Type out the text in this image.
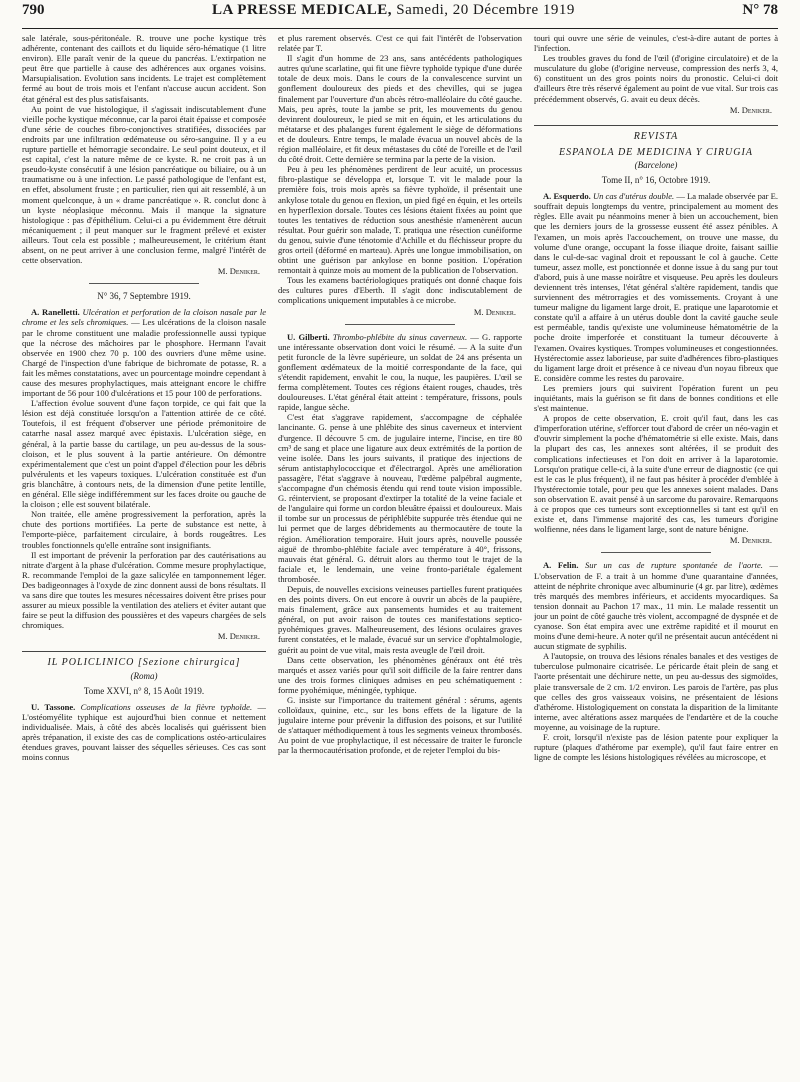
790	LA PRESSE MEDICALE, Samedi, 20 Décembre 1919	N° 78

sale latérale, sous-péritonéale. R. trouve une poche kystique très adhérente, contenant des caillots et du liquide séro-hématique (1 litre environ). Elle paraît venir de la queue du pancréas. L'extirpation ne peut être que partielle à cause des adhérences aux organes voisins. Marsupialisation. Evolution sans incidents. Le trajet est complètement fermé au bout de trois mois et l'enfant n'accuse aucun accident. Son état général est des plus satisfaisants.

Au point de vue histologique, il s'agissait indiscutablement d'une vieille poche kystique méconnue, car la paroi était épaisse et composée d'une série de couches fibro-conjonctives stratifiées, dissociées par endroits par une infiltration œdémateuse ou séro-sanguine. Il y a eu rupture partielle et hémorragie secondaire. Le seul point douteux, et il est capital, c'est la nature même de ce kyste. R. ne croit pas à un pseudo-kyste consécutif à une lésion pancréatique ou biliaire, ou à un traumatisme ou à une infection. Le passé pathologique de l'enfant est, en effet, absolument fruste ; en particulier, rien qui ait ressemblé, à un moment quelconque, à un « drame pancréatique ». R. conclut donc à un kyste néoplasique méconnu. Mais il manque la signature histologique : pas d'épithélium. Celui-ci a pu évidemment être détruit mécaniquement ; il peut manquer sur le fragment prélevé et exister ailleurs. Tout cela est possible ; malheureusement, le critérium étant absent, on ne peut arriver à une conclusion ferme, malgré l'intérêt de cette observation.

M. Deniker.
N° 36, 7 Septembre 1919.

A. Ranelletti. Ulcération et perforation de la cloison nasale par le chrome et les sels chromiques. — Les ulcérations de la cloison nasale par le chrome constituent une maladie professionnelle aussi typique que la nécrose des mâchoires par le phosphore. Hermann l'avait observée en 1900 chez 70 p. 100 des ouvriers d'une même usine. Chargé de l'inspection d'une fabrique de bichromate de potasse, R. a fait les mêmes constatations, avec un pourcentage moindre cependant à cause des mesures prophylactiques, mais atteignant encore le chiffre important de 56 pour 100 d'ulcérations et 15 pour 100 de perforations.

L'affection évolue souvent d'une façon torpide, ce qui fait que la lésion est déjà constituée lorsqu'on a l'attention attirée de ce côté. Toutefois, il est fréquent d'observer une période prémonitoire de catarrhe nasal assez marqué avec épistaxis. L'ulcération siège, en général, à la partie basse du cartilage, un peu au-dessus de la sous-cloison, et le plus souvent à la partie antérieure. On démontre expérimentalement que c'est un point d'appel d'élection pour les débris pulvérulents et les vapeurs toxiques. L'ulcération constituée est d'un gris blanchâtre, à contours nets, de la dimension d'une petite lentille, en général. Elle siège indifféremment sur les faces droite ou gauche de la cloison ; elle est souvent bilatérale.

Non traitée, elle amène progressivement la perforation, après la chute des portions mortifiées. La perte de substance est nette, à l'emporte-pièce, parfaitement circulaire, à bords rougeâtres. Les troubles fonctionnels qu'elle entraîne sont insignifiants.

Il est important de prévenir la perforation par des cautérisations au nitrate d'argent à la phase d'ulcération. Comme mesure prophylactique, R. recommande l'emploi de la gaze salicylée en tamponnement léger. Des badigeonnages à l'oxyde de zinc donnent aussi de bons résultats. Il va sans dire que toutes les mesures nécessaires doivent être prises pour assurer au mieux possible la ventilation des ateliers et éviter autant que faire se peut la diffusion des poussières et des vapeurs chargées de sels chromiques.

M. Deniker.
IL POLICLINICO [Sezione chirurgica]
(Roma)
Tome XXVI, n° 8, 15 Août 1919.

U. Tassone. Complications osseuses de la fièvre typhoïde. — L'ostéomyélite typhique est aujourd'hui bien connue et nettement individualisée. Mais, à côté des abcès localisés qui guérissent bien après trépanation, il existe des cas de complications ostéo-articulaires étendues graves, pouvant laisser des séquelles sérieuses. Ces cas sont moins connus

et plus rarement observés. C'est ce qui fait l'intérêt de l'observation relatée par T.

Il s'agit d'un homme de 23 ans, sans antécédents pathologiques autres qu'une scarlatine, qui fit une fièvre typhoïde typique d'une durée totale de deux mois. Dans le cours de la convalescence survint un gonflement douloureux des pieds et des chevilles, qui se jugea finalement par l'ouverture d'un abcès rétro-malléolaire du côté gauche. Mais, peu après, toute la jambe se prit, les mouvements du genou devinrent douloureux, le pied se mit en équin, et les articulations du métatarse et des phalanges furent également le siège de déformations et de douleurs. Entre temps, le malade évacua un nouvel abcès de la région malléolaire, et fit deux métastases du côté de l'oreille et de l'œil du côté droit. Cette dernière se termina par la perte de la vision.

Peu à peu les phénomènes perdirent de leur acuité, un processus fibro-plastique se développa et, lorsque T. vit le malade pour la première fois, trois mois après sa fièvre typhoïde, il présentait une ankylose totale du genou en flexion, un pied figé en équin, et les orteils en hyperflexion dorsale. Toutes ces lésions étaient fixées au point que toutes les tentatives de réduction sous anesthésie n'amenèrent aucun résultat. Pour guérir son malade, T. pratiqua une résection cunéiforme du genou, suivie d'une ténotomie d'Achille et du fléchisseur propre du gros orteil (déformé en marteau). Après une longue immobilisation, on obtint une guérison par ankylose en bonne position. L'opération remontait à quinze mois au moment de la publication de l'observation.

Tous les examens bactériologiques pratiqués ont donné chaque fois des cultures pures d'Eberth. Il s'agit donc indiscutablement de complications uniquement imputables à ce microbe.

M. Deniker.

U. Gilberti. Thrombo-phlébite du sinus caverneux. — G. rapporte une intéressante observation dont voici le résumé. — A la suite d'un petit furoncle de la lèvre supérieure, un soldat de 24 ans présenta un gonflement œdémateux de la moitié correspondante de la face, qui s'étendit rapidement, envahit le cou, la nuque, les paupières. L'œil se ferma complètement. Toutes ces régions étaient rouges, chaudes, très douloureuses. L'état général était atteint : température, frissons, pouls rapide, langue sèche.

C'est état s'aggrave rapidement, s'accompagne de céphalée lancinante. G. pense à une phlébite des sinus caverneux et intervient d'urgence. Il découvre 5 cm. de jugulaire interne, l'incise, en tire 80 cm³ de sang et place une ligature aux deux extrémités de la portion de veine isolée. Dans les jours suivants, il pratique des injections de sérum antistaphylococcique et d'électrargol. Après une amélioration passagère, l'état s'aggrave à nouveau, l'œdème palpébral augmente, s'accompagne d'un chémosis étendu qui rend toute vision impossible. G. réintervient, se proposant d'extirper la totalité de la veine faciale et de l'angulaire qui forme un cordon bleuâtre épaissi et douloureux. Mais il tombe sur un processus de périphlébite suppurée très étendue qui ne lui permet que de larges débridements au thermocautère de toute la région. Amélioration temporaire. Huit jours après, nouvelle poussée aiguë de thrombo-phlébite faciale avec température à 40°, frissons, mauvais état général. G. détruit alors au thermo tout le trajet de la faciale et, le lendemain, une veine fronto-pariétale également thrombosée.

Depuis, de nouvelles excisions veineuses partielles furent pratiquées en des points divers. On eut encore à ouvrir un abcès de la paupière, mais finalement, grâce aux pansements humides et au traitement général, on put avoir raison de toutes ces manifestations septico-pyohémiques graves. Malheureusement, des lésions oculaires graves furent constatées, et le malade, évacué sur un service d'ophtalmologie, guérit au point de vue vital, mais resta aveugle de l'œil droit.

Dans cette observation, les phénomènes généraux ont été très marqués et assez variés pour qu'il soit difficile de la faire rentrer dans une des trois formes cliniques admises en peu schématiquement : forme pyohémique, méningée, typhique.

G. insiste sur l'importance du traitement général : sérums, agents colloïdaux, quinine, etc., sur les bons effets de la ligature de la jugulaire interne pour prévenir la diffusion des poisons, et sur l'utilité de s'attaquer méthodiquement à tous les segments veineux thrombosés. Au point de vue prophylactique, il est nécessaire de traiter le furoncle par la thermocautérisation profonde, et de rejeter l'emploi du bis-

touri qui ouvre une série de veinules, c'est-à-dire autant de portes à l'infection.

Les troubles graves du fond de l'œil (d'origine circulatoire) et de la musculature du globe (d'origine nerveuse, compression des nerfs 3, 4, 6) constituent un des gros points noirs du pronostic. Celui-ci doit d'ailleurs être très réservé également au point de vue vital. Sur trois cas précédemment observés, G. avait eu deux décès.

M. Deniker.
REVISTA
ESPANOLA DE MEDICINA Y CIRUGIA
(Barcelone)
Tome II, n° 16, Octobre 1919.

A. Esquerdo. Un cas d'utérus double. — La malade observée par E. souffrait depuis longtemps du ventre, principalement au moment des règles. Elle avait pu néanmoins mener à bien un accouchement, bien que les derniers jours de la grossesse eussent été assez pénibles. A l'examen, un mois après l'accouchement, on trouve une masse, du volume d'une orange, occupant la fosse iliaque droite, faisant saillie dans le cul-de-sac vaginal droit et repoussant le col à gauche. Cette tumeur, assez molle, est ponctionnée et donne issue à du sang pur tout d'abord, puis à une masse noirâtre et visqueuse. Peu après les douleurs deviennent très intenses, l'état général s'altère rapidement, tandis que surviennent des métrorragies et des vomissements. Croyant à une tumeur maligne du ligament large droit, E. pratique une laparotomie et constate qu'il a affaire à un utérus double dont la cavité gauche seule est perméable, tandis qu'existe une volumineuse hématométrie de la poche droite imperforée et constituant la tumeur découverte à l'examen. Ovaires kystiques. Trompes volumineuses et congestionnées. Hystérectomie assez laborieuse, par suite d'adhérences fibro-plastiques du ligament large droit et présence à ce niveau d'un noyau fibreux que E. considère comme les restes du parovaire.

Les premiers jours qui suivirent l'opération furent un peu inquiétants, mais la guérison se fit dans de bonnes conditions et elle s'est maintenue.

A propos de cette observation, E. croit qu'il faut, dans les cas d'imperforation utérine, s'efforcer tout d'abord de créer un néo-vagin et d'ouvrir simplement la poche d'hématométrie si elle existe. Mais, dans la plupart des cas, les annexes sont altérées, il se produit des complications infectieuses et l'on doit en arriver à la laparotomie. Lorsqu'on pratique celle-ci, à la suite d'une erreur de diagnostic (ce qui est le cas le plus fréquent), il ne faut pas hésiter à procéder d'emblée à l'hystérectomie totale, pour peu que les annexes soient malades. Dans son observation E. avait pensé à un sarcome du parovaire. Remarquons à ce propos que ces tumeurs sont exceptionnelles si tant est qu'il en existe et, dans l'immense majorité des cas, les tumeurs d'origine wolfienne, nées dans le ligament large, sont de nature bénigne.

M. Deniker.

A. Felin. Sur un cas de rupture spontanée de l'aorte. — L'observation de F. a trait à un homme d'une quarantaine d'années, atteint de néphrite chronique avec albuminurie (4 gr. par litre), œdèmes très marqués des membres inférieurs, et accidents myocardiques. Sa tension donnait au Pachon 17 max., 11 min. Le malade ressentit un jour un point de côté gauche très violent, accompagné de dyspnée et de cyanose. Son état empira avec une extrême rapidité et il mourut en moins d'une demi-heure. A noter qu'il ne présentait aucun antécédent ni aucun stigmate de syphilis.

A l'autopsie, on trouva des lésions rénales banales et des vestiges de tuberculose pulmonaire cicatrisée. Le péricarde était plein de sang et l'aorte présentait une déchirure nette, un peu au-dessus des sigmoïdes, plaie transversale de 2 cm. 1/2 environ. Les parois de l'artère, pas plus que celles des gros vaisseaux voisins, ne présentaient de lésions d'athérome. Histologiquement on constata la disparition de la limitante interne, avec altérations assez marquées de l'endartère et de la couche moyenne, au voisinage de la rupture.

F. croit, lorsqu'il n'existe pas de lésion patente pour expliquer la rupture (plaques d'athérome par exemple), qu'il faut faire entrer en ligne de compte les lésions histologiques révélées au microscope, et
